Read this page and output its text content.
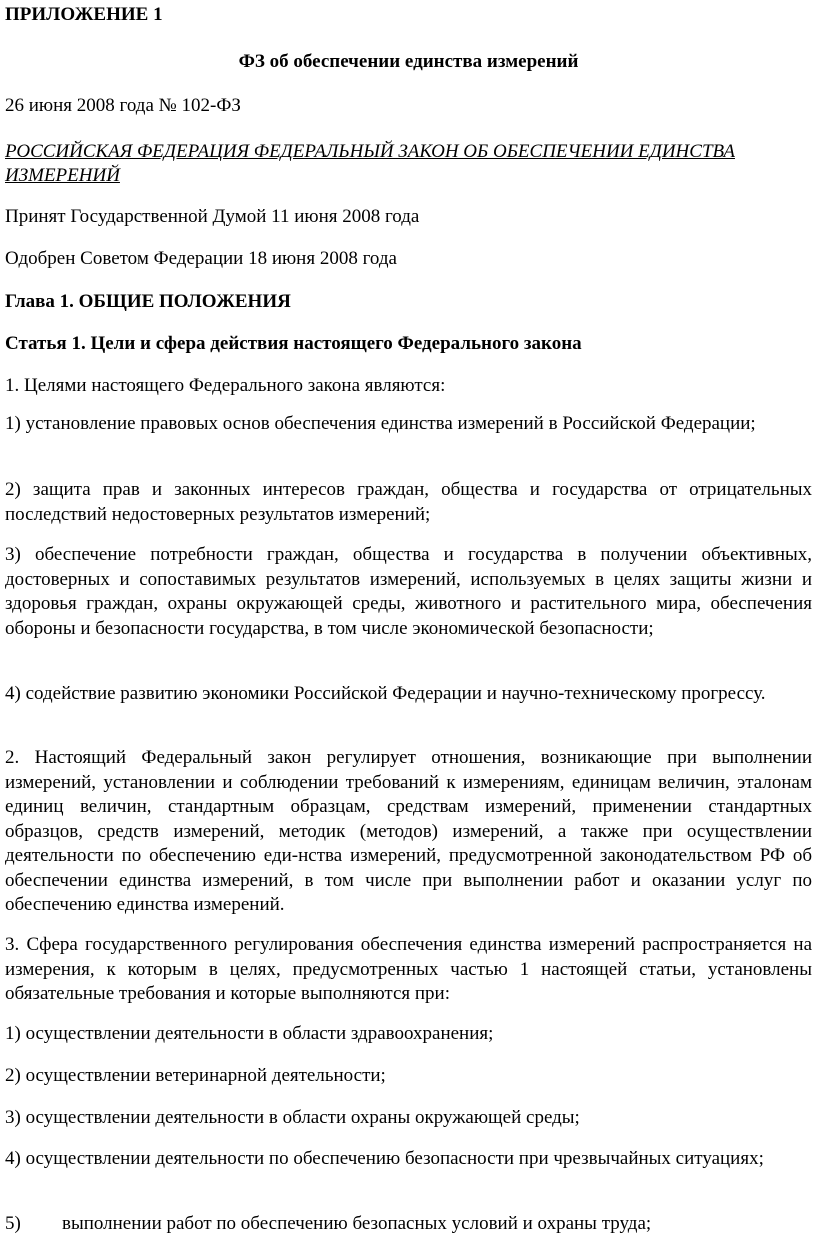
ПРИЛОЖЕНИЕ 1
ФЗ об обеспечении единства измерений
26 июня 2008 года № 102-ФЗ
РОССИЙСКАЯ ФЕДЕРАЦИЯ ФЕДЕРАЛЬНЫЙ ЗАКОН ОБ ОБЕСПЕЧЕНИИ ЕДИНСТВА ИЗМЕРЕНИЙ
Принят Государственной Думой 11 июня 2008 года
Одобрен Советом Федерации 18 июня 2008 года
Глава 1. ОБЩИЕ ПОЛОЖЕНИЯ
Статья 1. Цели и сфера действия настоящего Федерального закона
1. Целями настоящего Федерального закона являются:
1) установление правовых основ обеспечения единства измерений в Российской Федерации;
2) защита прав и законных интересов граждан, общества и государства от отрицательных последствий недостоверных результатов измерений;
3) обеспечение потребности граждан, общества и государства в получении объективных, достоверных и сопоставимых результатов измерений, используемых в целях защиты жизни и здоровья граждан, охраны окружающей среды, животного и растительного мира, обеспечения обороны и безопасности государства, в том числе экономической безопасности;
4) содействие развитию экономики Российской Федерации и научно-техническому прогрессу.
2. Настоящий Федеральный закон регулирует отношения, возникающие при выполнении измерений, установлении и соблюдении требований к измерениям, единицам величин, эталонам единиц величин, стандартным образцам, средствам измерений, применении стандартных образцов, средств измерений, методик (методов) измерений, а также при осуществлении деятельности по обеспечению еди-нства измерений, предусмотренной законодательством РФ об обеспечении единства измерений, в том числе при выполнении работ и оказании услуг по обеспечению единства измерений.
3. Сфера государственного регулирования обеспечения единства измерений распространяется на измерения, к которым в целях, предусмотренных частью 1 настоящей статьи, установлены обязательные требования и которые выполняются при:
1) осуществлении деятельности в области здравоохранения;
2) осуществлении ветеринарной деятельности;
3) осуществлении деятельности в области охраны окружающей среды;
4) осуществлении деятельности по обеспечению безопасности при чрезвычайных ситуациях;
5) выполнении работ по обеспечению безопасных условий и охраны труда;
